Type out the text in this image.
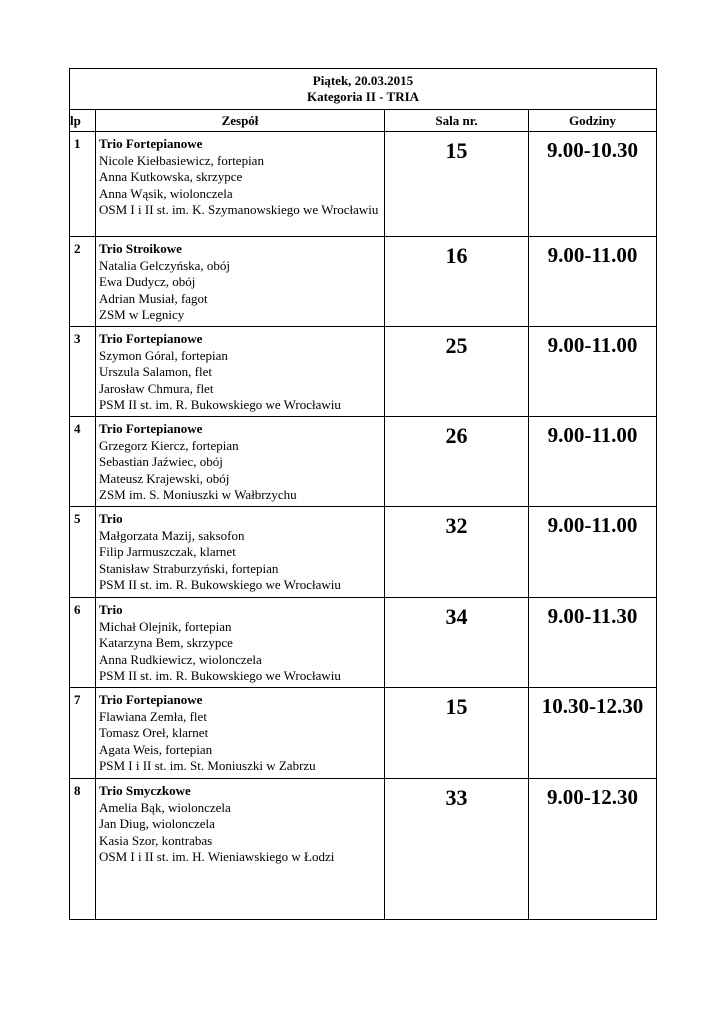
Piątek, 20.03.2015
Kategoria II - TRIA			

lp	Zespół	Sala nr.	Godziny
1	Trio Fortepianowe
Nicole Kiełbasiewicz, fortepian
Anna Kutkowska, skrzypce
Anna Wąsik, wiolonczela
OSM I i II st. im. K. Szymanowskiego we Wrocławiu	15	9.00-10.30
2	Trio Stroikowe
Natalia Gelczyńska, obój
Ewa Dudycz, obój
Adrian Musiał, fagot
ZSM w Legnicy	16	9.00-11.00
3	Trio Fortepianowe
Szymon Góral, fortepian
Urszula Salamon, flet
Jarosław Chmura, flet
PSM II st. im. R. Bukowskiego we Wrocławiu	25	9.00-11.00
4	Trio Fortepianowe
Grzegorz Kiercz, fortepian
Sebastian Jaźwiec, obój
Mateusz Krajewski, obój
ZSM im. S. Moniuszki w Wałbrzychu	26	9.00-11.00
5	Trio
Małgorzata Mazij, saksofon
Filip Jarmuszczak, klarnet
Stanisław Straburzyński, fortepian
PSM II st. im. R. Bukowskiego we Wrocławiu	32	9.00-11.00
6	Trio
Michał Olejnik, fortepian
Katarzyna Bem, skrzypce
Anna Rudkiewicz, wiolonczela
PSM II st. im. R. Bukowskiego we Wrocławiu	34	9.00-11.30
7	Trio Fortepianowe
Flawiana Zemła, flet
Tomasz Oreł, klarnet
Agata Weis, fortepian
PSM I i II st. im. St. Moniuszki w Zabrzu	15	10.30-12.30
8	Trio Smyczkowe
Amelia Bąk, wiolonczela
Jan Diug, wiolonczela
Kasia Szor, kontrabas
OSM I i II st. im. H. Wieniawskiego w Łodzi	33	9.00-12.30
